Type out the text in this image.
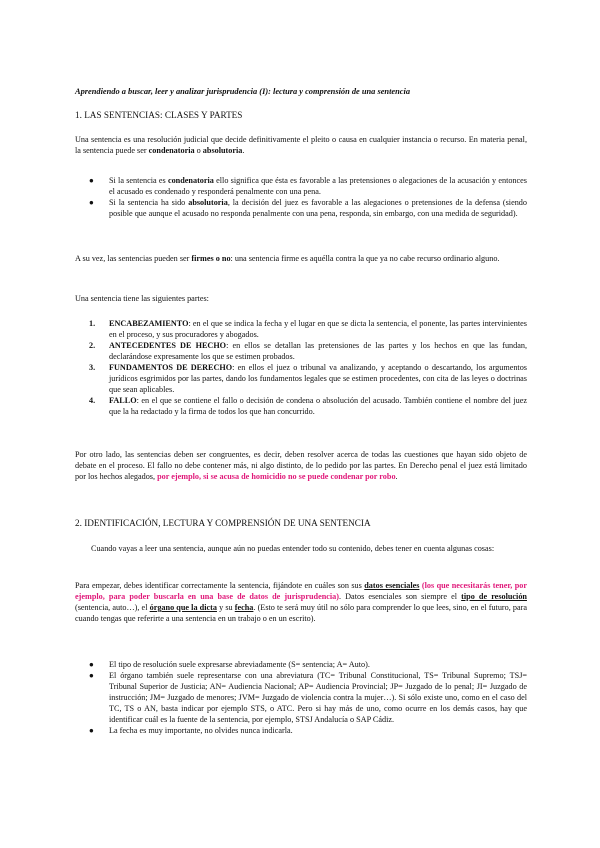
Aprendiendo a buscar, leer y analizar jurisprudencia (I): lectura y comprensión de una sentencia
1. LAS SENTENCIAS: CLASES Y PARTES
Una sentencia es una resolución judicial que decide definitivamente el pleito o causa en cualquier instancia o recurso. En materia penal, la sentencia puede ser condenatoria o absolutoria.
● Si la sentencia es condenatoria ello significa que ésta es favorable a las pretensiones o alegaciones de la acusación y entonces el acusado es condenado y responderá penalmente con una pena.
● Si la sentencia ha sido absolutoria, la decisión del juez es favorable a las alegaciones o pretensiones de la defensa (siendo posible que aunque el acusado no responda penalmente con una pena, responda, sin embargo, con una medida de seguridad).
A su vez, las sentencias pueden ser firmes o no: una sentencia firme es aquélla contra la que ya no cabe recurso ordinario alguno.
Una sentencia tiene las siguientes partes:
1. ENCABEZAMIENTO: en el que se indica la fecha y el lugar en que se dicta la sentencia, el ponente, las partes intervinientes en el proceso, y sus procuradores y abogados.
2. ANTECEDENTES DE HECHO: en ellos se detallan las pretensiones de las partes y los hechos en que las fundan, declarándose expresamente los que se estimen probados.
3. FUNDAMENTOS DE DERECHO: en ellos el juez o tribunal va analizando, y aceptando o descartando, los argumentos jurídicos esgrimidos por las partes, dando los fundamentos legales que se estimen procedentes, con cita de las leyes o doctrinas que sean aplicables.
4. FALLO: en el que se contiene el fallo o decisión de condena o absolución del acusado. También contiene el nombre del juez que la ha redactado y la firma de todos los que han concurrido.
Por otro lado, las sentencias deben ser congruentes, es decir, deben resolver acerca de todas las cuestiones que hayan sido objeto de debate en el proceso. El fallo no debe contener más, ni algo distinto, de lo pedido por las partes. En Derecho penal el juez está limitado por los hechos alegados, por ejemplo, si se acusa de homicidio no se puede condenar por robo.
2. IDENTIFICACIÓN, LECTURA Y COMPRENSIÓN DE UNA SENTENCIA
Cuando vayas a leer una sentencia, aunque aún no puedas entender todo su contenido, debes tener en cuenta algunas cosas:
Para empezar, debes identificar correctamente la sentencia, fijándote en cuáles son sus datos esenciales (los que necesitarás tener, por ejemplo, para poder buscarla en una base de datos de jurisprudencia). Datos esenciales son siempre el tipo de resolución (sentencia, auto…), el órgano que la dicta y su fecha. (Esto te será muy útil no sólo para comprender lo que lees, sino, en el futuro, para cuando tengas que referirte a una sentencia en un trabajo o en un escrito).
● El tipo de resolución suele expresarse abreviadamente (S= sentencia; A= Auto).
● El órgano también suele representarse con una abreviatura (TC= Tribunal Constitucional, TS= Tribunal Supremo; TSJ= Tribunal Superior de Justicia; AN= Audiencia Nacional; AP= Audiencia Provincial; JP= Juzgado de lo penal; JI= Juzgado de instrucción; JM= Juzgado de menores; JVM= Juzgado de violencia contra la mujer…). Si sólo existe uno, como en el caso del TC, TS o AN, basta indicar por ejemplo STS, o ATC. Pero si hay más de uno, como ocurre en los demás casos, hay que identificar cuál es la fuente de la sentencia, por ejemplo, STSJ Andalucía o SAP Cádiz.
● La fecha es muy importante, no olvides nunca indicarla.
